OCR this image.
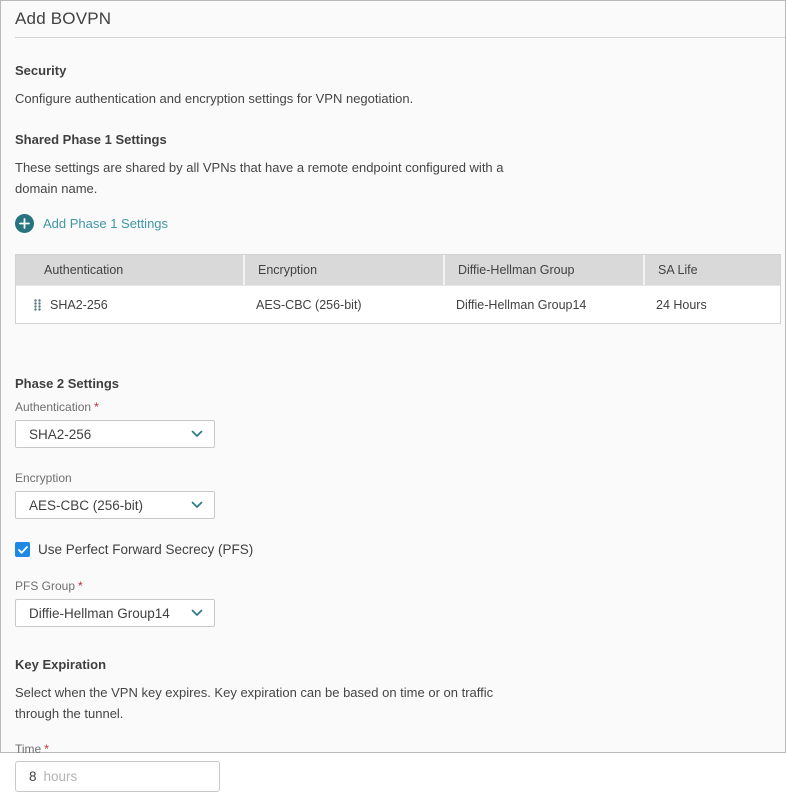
Add BOVPN
Security

Configure authentication and encryption settings for VPN negotiation.

Shared Phase 1 Settings

These settings are shared by all VPNs that have a remote endpoint configured with a domain name.

Add Phase 1 Settings
Authentication	Encryption	Diffie-Hellman Group	SA Life
SHA2-256	AES-CBC (256-bit)	Diffie-Hellman Group14	24 Hours
Phase 2 Settings
Authentication *
SHA2-256
Encryption
AES-CBC (256-bit)
Use Perfect Forward Secrecy (PFS)
PFS Group *
Diffie-Hellman Group14
Key Expiration

Select when the VPN key expires. Key expiration can be based on time or on traffic through the tunnel.

Time *
8 hours
